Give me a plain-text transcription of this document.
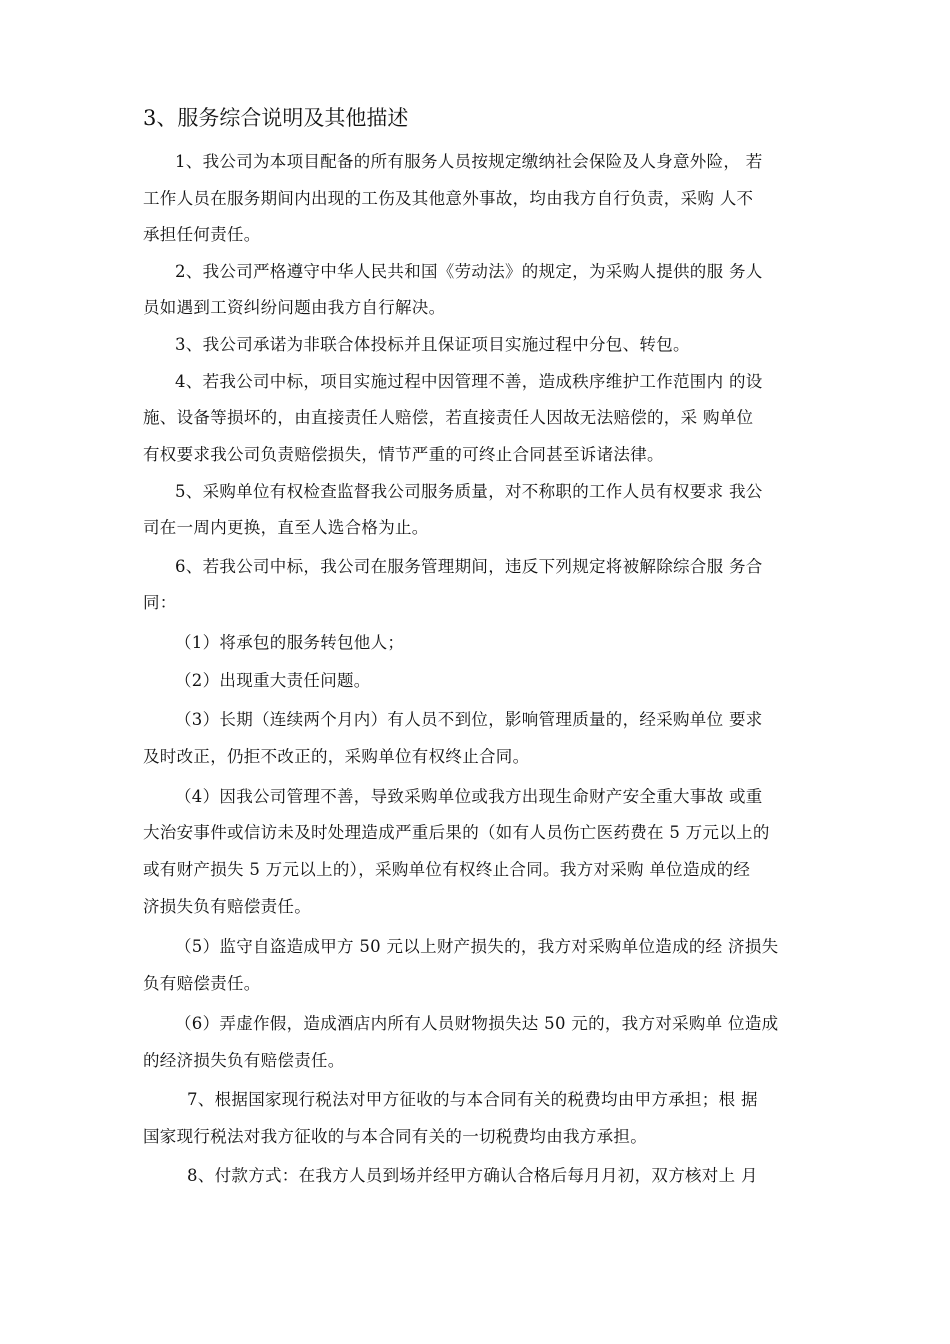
3、服务综合说明及其他描述
1、我公司为本项目配备的所有服务人员按规定缴纳社会保险及人身意外险， 若
工作人员在服务期间内出现的工伤及其他意外事故，均由我方自行负责，采购 人不
承担任何责任。
2、我公司严格遵守中华人民共和国《劳动法》的规定，为采购人提供的服 务人
员如遇到工资纠纷问题由我方自行解决。
3、我公司承诺为非联合体投标并且保证项目实施过程中分包、转包。
4、若我公司中标，项目实施过程中因管理不善，造成秩序维护工作范围内 的设
施、设备等损坏的，由直接责任人赔偿，若直接责任人因故无法赔偿的，采 购单位
有权要求我公司负责赔偿损失，情节严重的可终止合同甚至诉诸法律。
5、采购单位有权检查监督我公司服务质量，对不称职的工作人员有权要求 我公
司在一周内更换，直至人选合格为止。
6、若我公司中标，我公司在服务管理期间，违反下列规定将被解除综合服 务合
同：
（1）将承包的服务转包他人；
（2）出现重大责任问题。
（3）长期（连续两个月内）有人员不到位，影响管理质量的，经采购单位 要求
及时改正，仍拒不改正的，采购单位有权终止合同。
（4）因我公司管理不善，导致采购单位或我方出现生命财产安全重大事故 或重
大治安事件或信访未及时处理造成严重后果的（如有人员伤亡医药费在 5 万元以上的
或有财产损失 5 万元以上的），采购单位有权终止合同。我方对采购 单位造成的经
济损失负有赔偿责任。
（5）监守自盗造成甲方 50 元以上财产损失的，我方对采购单位造成的经 济损失
负有赔偿责任。
（6）弄虚作假，造成酒店内所有人员财物损失达 50 元的，我方对采购单 位造成
的经济损失负有赔偿责任。
7、根据国家现行税法对甲方征收的与本合同有关的税费均由甲方承担；根 据
国家现行税法对我方征收的与本合同有关的一切税费均由我方承担。
8、付款方式：在我方人员到场并经甲方确认合格后每月月初，双方核对上 月
